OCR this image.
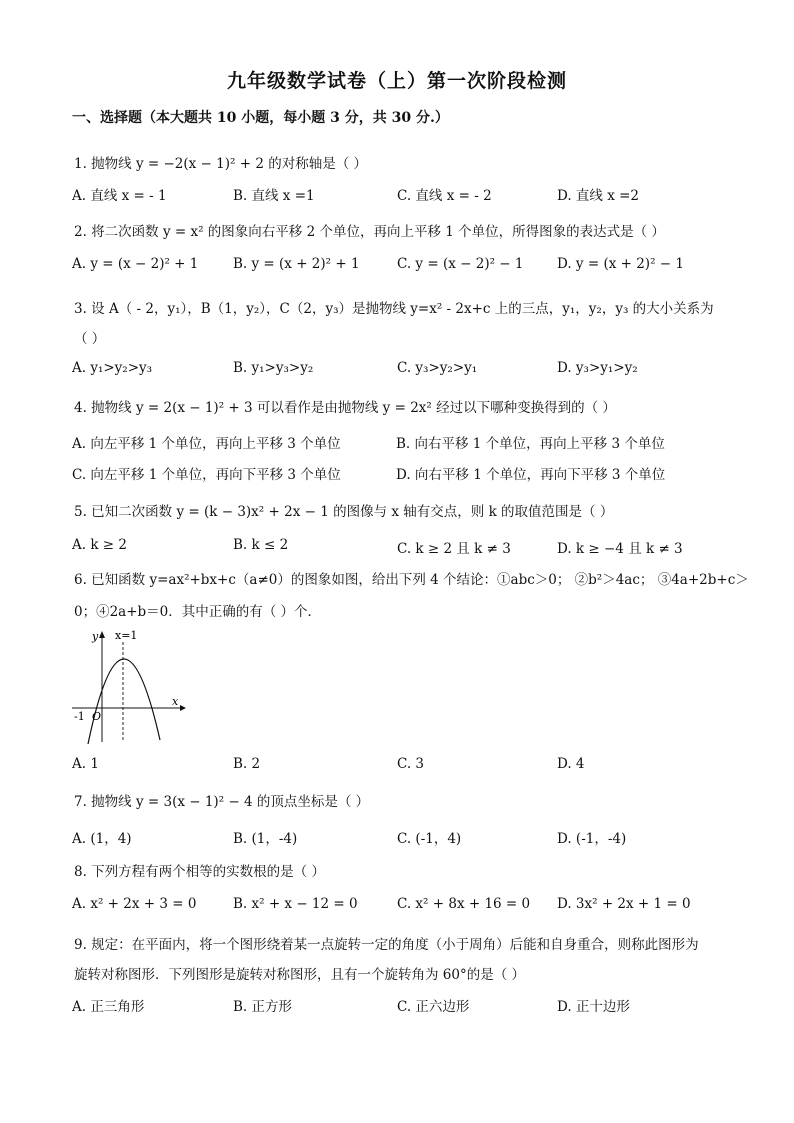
九年级数学试卷（上）第一次阶段检测
一、选择题（本大题共 10 小题，每小题 3 分，共 30 分.）
1. 抛物线 y = −2(x − 1)² + 2 的对称轴是（ ）
A. 直线 x = - 1	B. 直线 x =1	C. 直线 x = - 2	D. 直线 x =2
2. 将二次函数 y = x² 的图象向右平移 2 个单位，再向上平移 1 个单位，所得图象的表达式是（ ）
A. y = (x − 2)² + 1	B. y = (x + 2)² + 1	C. y = (x − 2)² − 1 D. y = (x + 2)² − 1
3. 设 A（ - 2，y₁），B（1，y₂），C（2，y₃）是抛物线 y=x² - 2x+c 上的三点，y₁，y₂，y₃ 的大小关系为
（ ）
A. y₁>y₂>y₃	B. y₁>y₃>y₂	C. y₃>y₂>y₁	D. y₃>y₁>y₂
4. 抛物线 y = 2(x − 1)² + 3 可以看作是由抛物线 y = 2x² 经过以下哪种变换得到的（ ）
A. 向左平移 1 个单位，再向上平移 3 个单位	B. 向右平移 1 个单位，再向上平移 3 个单位
C. 向左平移 1 个单位，再向下平移 3 个单位	D. 向右平移 1 个单位，再向下平移 3 个单位
5. 已知二次函数 y = (k − 3)x² + 2x − 1 的图像与 x 轴有交点，则 k 的取值范围是（ ）
A. k ≥ 2	B. k ≤ 2	C. k ≥ 2 且 k ≠ 3	D. k ≥ −4 且 k ≠ 3
6. 已知函数 y=ax²+bx+c（a≠0）的图象如图，给出下列 4 个结论：①abc＞0； ②b²＞4ac； ③4a+2b+c＞
0；④2a+b＝0．其中正确的有（ ）个．
y x=1
x
O
-1
A. 1	B. 2	C. 3	D. 4
7. 抛物线 y = 3(x − 1)² − 4 的顶点坐标是（ ）
A. (1，4)	B. (1，-4)	C. (-1，4)	D. (-1，-4)
8. 下列方程有两个相等的实数根的是（ ）
A. x² + 2x + 3 = 0	B. x² + x − 12 = 0	C. x² + 8x + 16 = 0 D. 3x² + 2x + 1 = 0
9. 规定：在平面内，将一个图形绕着某一点旋转一定的角度（小于周角）后能和自身重合，则称此图形为
旋转对称图形．下列图形是旋转对称图形，且有一个旋转角为 60°的是（ ）
A. 正三角形	B. 正方形	C. 正六边形	D. 正十边形
